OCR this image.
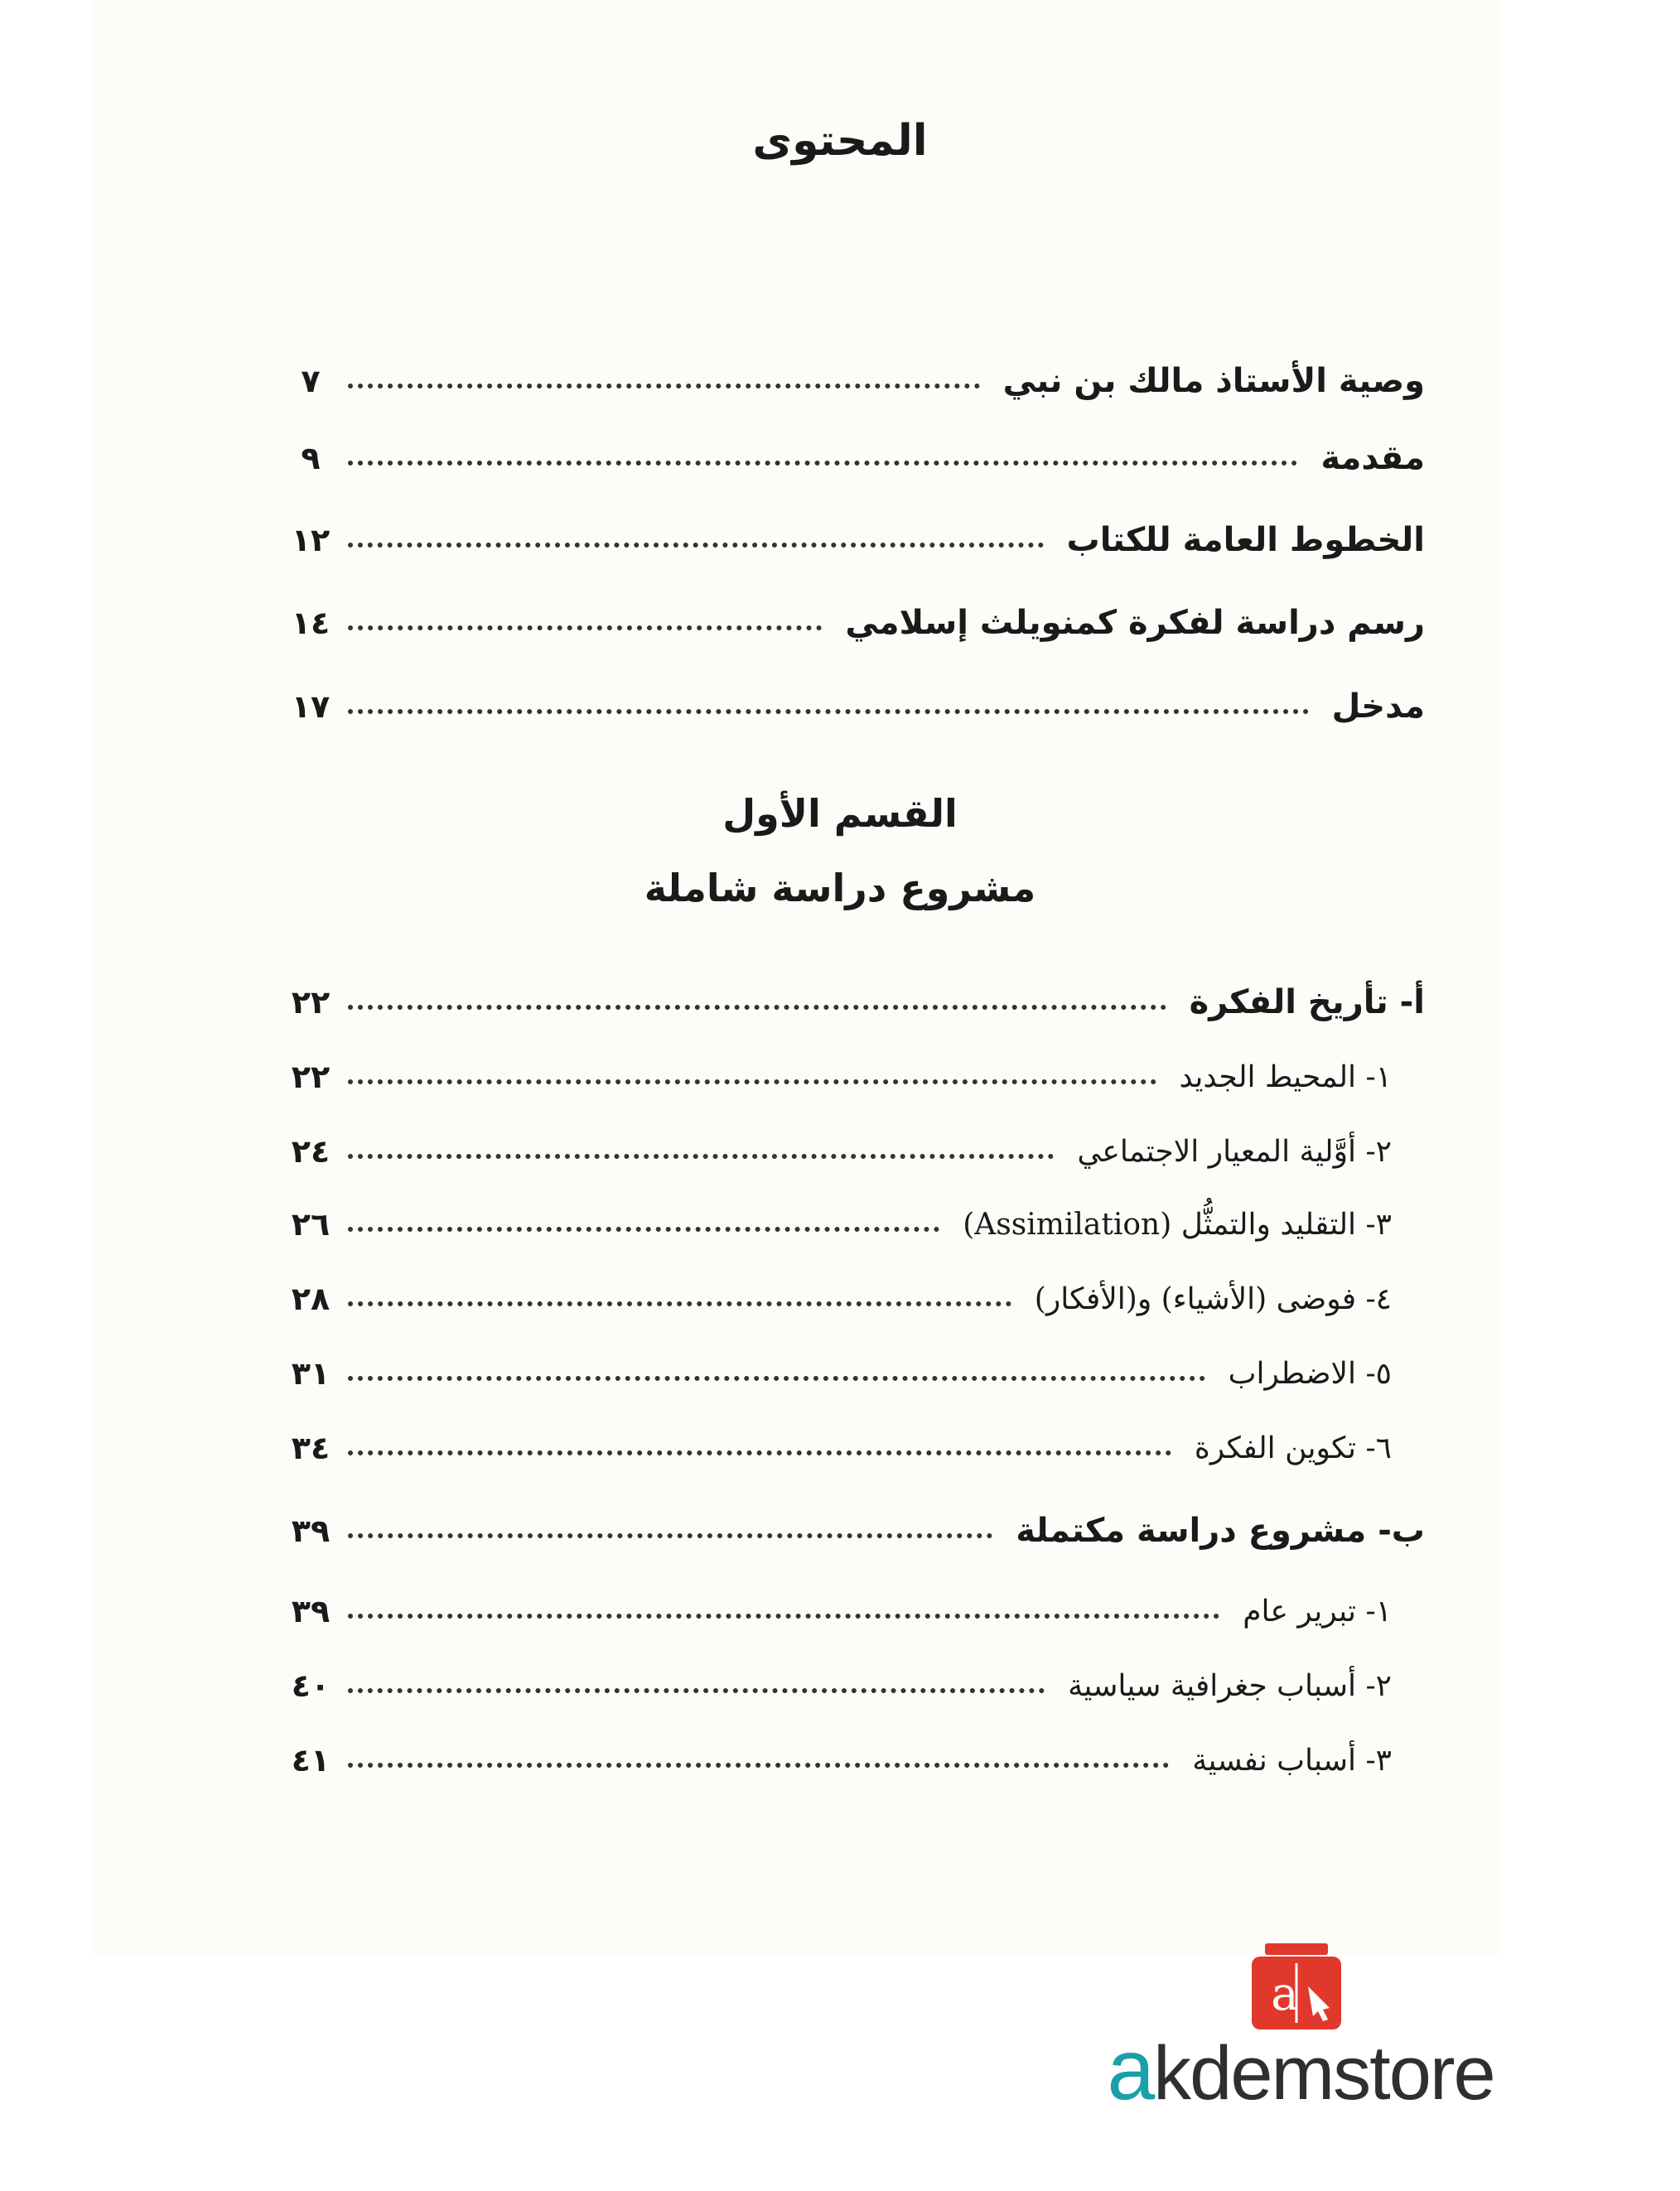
المحتوى
وصية الأستاذ مالك بن نبي
٧
مقدمة
٩
الخطوط العامة للكتاب
١٢
رسم دراسة لفكرة كمنويلث إسلامي
١٤
مدخل
١٧
القسم الأول
مشروع دراسة شاملة
أ- تأريخ الفكرة
٢٢
١- المحيط الجديد
٢٢
٢- أوَّلية المعيار الاجتماعي
٢٤
٣- التقليد والتمثُّل (Assimilation)
٢٦
٤- فوضى (الأشياء) و(الأفكار)
٢٨
٥- الاضطراب
٣١
٦- تكوين الفكرة
٣٤
ب- مشروع دراسة مكتملة
٣٩
١- تبرير عام
٣٩
٢- أسباب جغرافية سياسية
٤٠
٣- أسباب نفسية
٤١
a
akdemstore
